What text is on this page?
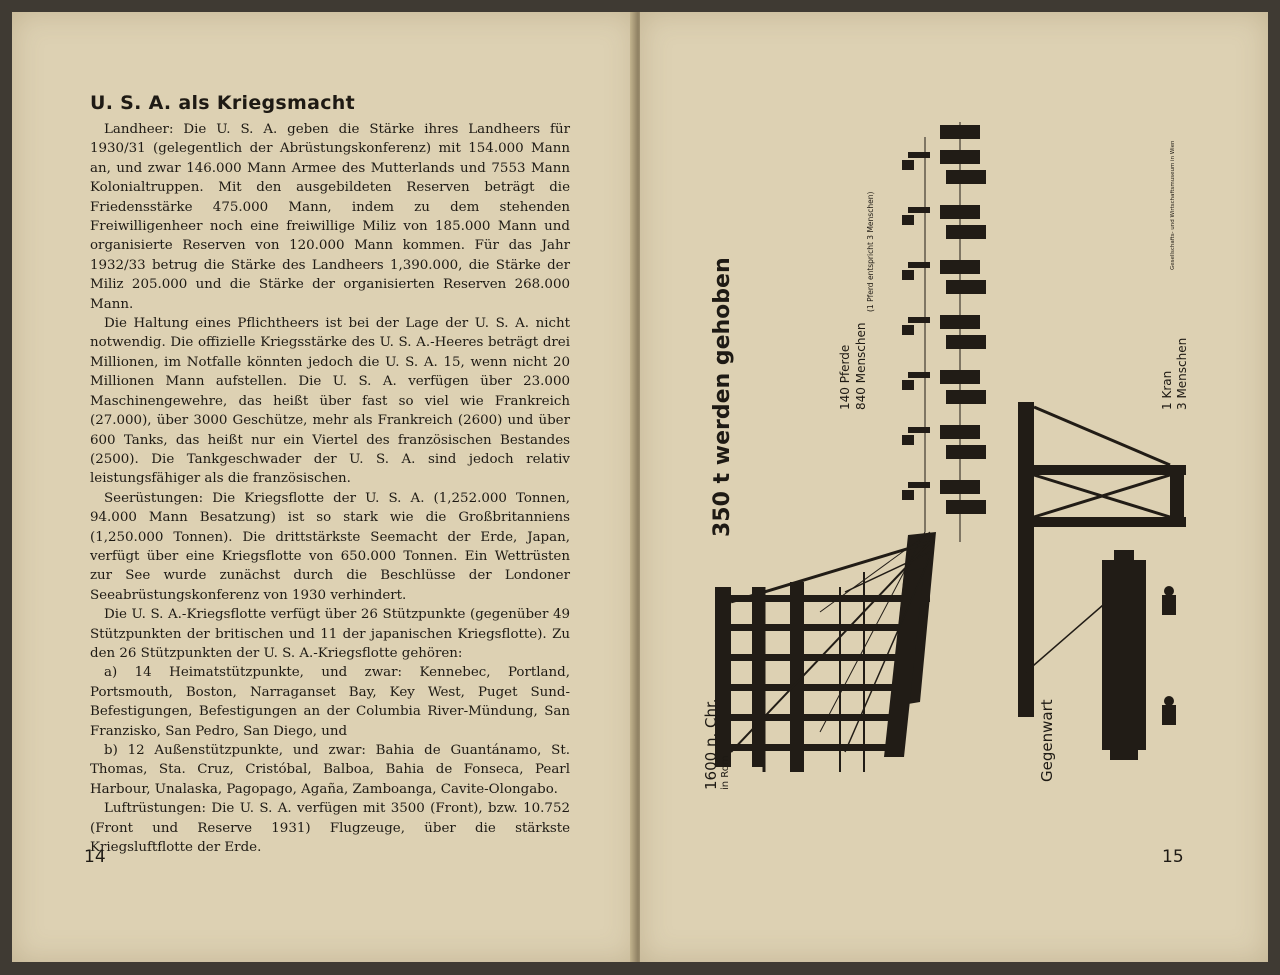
U. S. A. als Kriegsmacht

Landheer: Die U. S. A. geben die Stärke ihres Landheers für 1930/31 (gelegentlich der Abrüstungskonferenz) mit 154.000 Mann an, und zwar 146.000 Mann Armee des Mutterlands und 7553 Mann Kolonialtruppen. Mit den ausgebildeten Reserven beträgt die Friedensstärke 475.000 Mann, indem zu dem stehenden Freiwilligenheer noch eine freiwillige Miliz von 185.000 Mann und organisierte Reserven von 120.000 Mann kommen. Für das Jahr 1932/33 betrug die Stärke des Landheers 1,390.000, die Stärke der Miliz 205.000 und die Stärke der organisierten Reserven 268.000 Mann.

Die Haltung eines Pflichtheers ist bei der Lage der U. S. A. nicht notwendig. Die offizielle Kriegsstärke des U. S. A.-Heeres beträgt drei Millionen, im Notfalle könnten jedoch die U. S. A. 15, wenn nicht 20 Millionen Mann aufstellen. Die U. S. A. verfügen über 23.000 Maschinengewehre, das heißt über fast so viel wie Frankreich (27.000), über 3000 Geschütze, mehr als Frankreich (2600) und über 600 Tanks, das heißt nur ein Viertel des französischen Bestandes (2500). Die Tankgeschwader der U. S. A. sind jedoch relativ leistungsfähiger als die französischen.

Seerüstungen: Die Kriegsflotte der U. S. A. (1,252.000 Tonnen, 94.000 Mann Besatzung) ist so stark wie die Großbritanniens (1,250.000 Tonnen). Die drittstärkste Seemacht der Erde, Japan, verfügt über eine Kriegsflotte von 650.000 Tonnen. Ein Wettrüsten zur See wurde zunächst durch die Beschlüsse der Londoner Seeabrüstungskonferenz von 1930 verhindert.

Die U. S. A.-Kriegsflotte verfügt über 26 Stützpunkte (gegenüber 49 Stützpunkten der britischen und 11 der japanischen Kriegsflotte). Zu den 26 Stützpunkten der U. S. A.-Kriegsflotte gehören:

a) 14 Heimatstützpunkte, und zwar: Kennebec, Portland, Portsmouth, Boston, Narraganset Bay, Key West, Puget Sund-Befestigungen, Befestigungen an der Columbia River-Mündung, San Franzisko, San Pedro, San Diego, und

b) 12 Außenstützpunkte, und zwar: Bahia de Guantánamo, St. Thomas, Sta. Cruz, Cristóbal, Balboa, Bahia de Fonseca, Pearl Harbour, Unalaska, Pagopago, Agaña, Zamboanga, Cavite-Olongabo.

Luftrüstungen: Die U. S. A. verfügen mit 3500 (Front), bzw. 10.752 (Front und Reserve 1931) Flugzeuge, über die stärkste Kriegsluftflotte der Erde.

14
350 t werden gehoben
1600 n. Chr. in Rom
140 Pferde 840 Menschen
(1 Pferd entspricht 3 Menschen)
Gegenwart
1 Kran 3 Menschen
Gesellschafts- und Wirtschaftsmuseum in Wien
15
